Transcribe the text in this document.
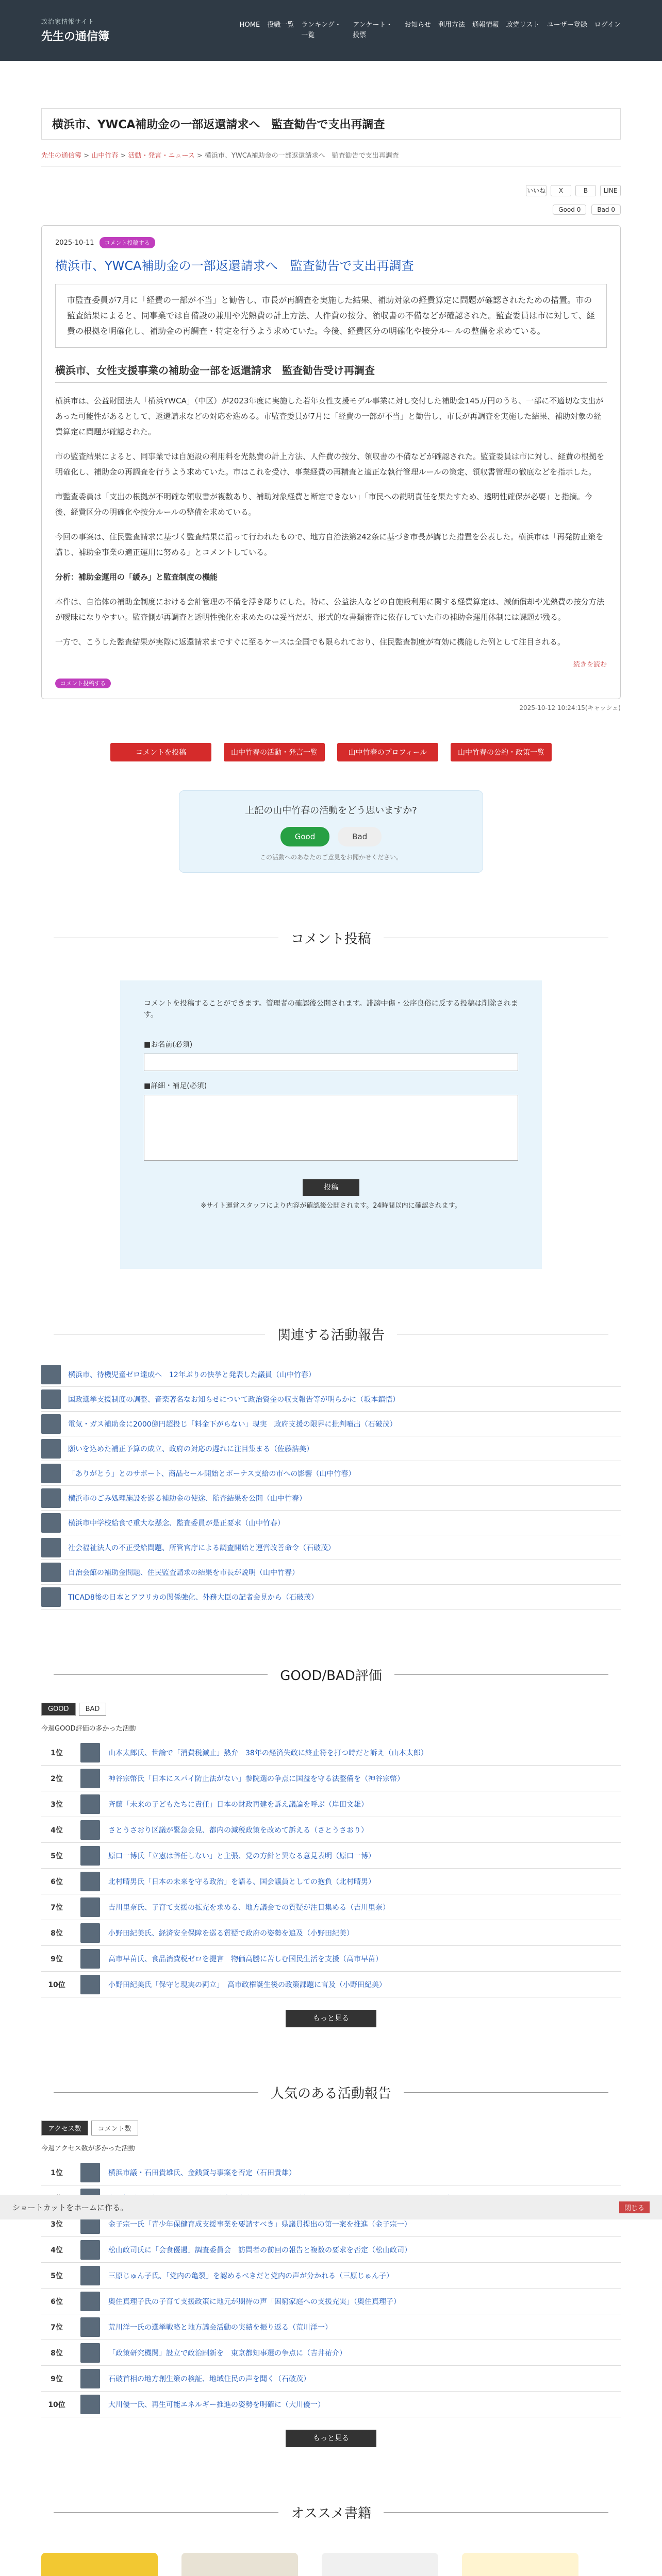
政治家情報サイト
先生の通信簿
HOME 役職一覧 ランキング・一覧
アンケート・投票
お知らせ 利用方法 通報情報 政党リスト ユーザー登録 ログイン
横浜市、YWCA補助金の一部返還請求へ　監査勧告で支出再調査
先生の通信簿 > 山中竹春 > 活動・発言・ニュース > 横浜市、YWCA補助金の一部返還請求へ　監査勧告で支出再調査
いいね	X	B	LINE
Good 0	Bad 0
2025-10-11	コメント投稿する
横浜市、YWCA補助金の一部返還請求へ　監査勧告で支出再調査
市監査委員が7月に「経費の一部が不当」と勧告し、市長が再調査を実施した結果、補助対象の経費算定に問題が確認されたための措置。市の監査結果によると、同事業では自備設の兼用や光熱費の計上方法、人件費の按分、領収書の不備などが確認された。監査委員は市に対して、経費の根拠を明確化し、補助金の再調査・特定を行うよう求めていた。今後、経費区分の明確化や按分ルールの整備を求めている。
横浜市、女性支援事業の補助金一部を返還請求　監査勧告受け再調査

横浜市は、公益財団法人「横浜YWCA」（中区）が2023年度に実施した若年女性支援モデル事業に対し交付した補助金145万円のうち、一部に不適切な支出があった可能性があるとして、返還請求などの対応を進める。市監査委員が7月に「経費の一部が不当」と勧告し、市長が再調査を実施した結果、補助対象の経費算定に問題が確認された。

市の監査結果によると、同事業では自施設の利用料を光熱費の計上方法、人件費の按分、領収書の不備などが確認された。監査委員は市に対し、経費の根拠を明確化し、補助金の再調査を行うよう求めていた。市はこれを受け、事業経費の再精査と適正な執行管理ルールの策定、領収書管理の徹底などを指示した。

市監査委員は「支出の根拠が不明確な領収書が複数あり、補助対象経費と断定できない」「市民への説明責任を果たすため、透明性確保が必要」と指摘。今後、経費区分の明確化や按分ルールの整備を求めている。

今回の事案は、住民監査請求に基づく監査結果に沿って行われたもので、地方自治法第242条に基づき市長が講じた措置を公表した。横浜市は「再発防止策を講じ、補助金事業の適正運用に努める」とコメントしている。

分析：補助金運用の「緩み」と監査制度の機能

本件は、自治体の補助金制度における会計管理の不備を浮き彫りにした。特に、公益法人などの自施設利用に関する経費算定は、減価償却や光熱費の按分方法が曖昧になりやすい。監査側が再調査と透明性強化を求めたのは妥当だが、形式的な書類審査に依存していた市の補助金運用体制には課題が残る。

一方で、こうした監査結果が実際に返還請求まですぐに至るケースは全国でも限られており、住民監査制度が有効に機能した例として注目される。

続きを読む
コメント投稿する
2025-10-12 10:24:15(キャッシュ)
コメントを投稿	山中竹春の活動・発言一覧	山中竹春のプロフィール	山中竹春の公約・政策一覧
上記の山中竹春の活動をどう思いますか?
Good	Bad
この活動へのあなたのご意見をお聞かせください。
コメント投稿
コメントを投稿することができます。管理者の確認後公開されます。誹謗中傷・公序良俗に反する投稿は削除されます。
■お名前(必須)
■詳細・補足(必須)
投稿
※サイト運営スタッフにより内容が確認後公開されます。24時間以内に確認されます。
関連する活動報告
横浜市、待機児童ゼロ達成へ　12年ぶりの快挙と発表した議員（山中竹春）
国政選挙支援制度の調整、音楽著名なお知らせについて政治資金の収支報告等が明らかに（坂本鎮悟）
電気・ガス補助金に2000億円超投じ「料金下がらない」現実　政府支援の限界に批判噴出（石破茂）
願いを込めた補正予算の成立、政府の対応の遅れに注目集まる（佐藤浩美）
「ありがとう」とのサポート、商品セール開始とボーナス支給の市への影響（山中竹春）
横浜市のごみ処理施設を巡る補助金の使途、監査結果を公開（山中竹春）
横浜市中学校給食で重大な懸念、監査委員が是正要求（山中竹春）
社会福祉法人の不正受給問題、所管官庁による調査開始と運営改善命令（石破茂）
自治会館の補助金問題、住民監査請求の結果を市長が説明（山中竹春）
TICAD8後の日本とアフリカの関係強化、外務大臣の記者会見から（石破茂）
GOOD/BAD評価
GOOD	BAD
今週GOOD評価の多かった活動
1位	山本太郎氏、世論で「消費税減止」熱弁　38年の経済失政に終止符を打つ時だと訴え（山本太郎）
2位	神谷宗幣氏「日本にスパイ防止法がない」参院選の争点に国益を守る法整備を（神谷宗幣）
3位	斉藤「未来の子どもたちに責任」日本の財政再建を訴え議論を呼ぶ（岸田文雄）
4位	さとうさおり区議が緊急会見、都内の減税政策を改めて訴える（さとうさおり）
5位	原口一博氏「立憲は辞任しない」と主張、党の方針と異なる意見表明（原口一博）
6位	北村晴男氏「日本の未来を守る政治」を語る、国会議員としての抱負（北村晴男）
7位	吉川里奈氏、子育て支援の拡充を求める、地方議会での質疑が注目集める（吉川里奈）
8位	小野田紀美氏、経済安全保障を巡る質疑で政府の姿勢を追及（小野田紀美）
9位	高市早苗氏、食品消費税ゼロを提言　物価高騰に苦しむ国民生活を支援（高市早苗）
10位	小野田紀美氏「保守と現実の両立」　高市政権誕生後の政策課題に言及（小野田紀美）
ショートカットをホームに作る。	閉じる
もっと見る
人気のある活動報告
アクセス数	コメント数
今週アクセス数が多かった活動
1位	横浜市議・石田貴雄氏、金銭貸与事案を否定（石田貴雄）
3位	金子宗一氏「青少年保健育成支援事業を要請すべき」県議員提出の第一案を推進（金子宗一）
4位	松山政司氏に「会食優遇」調査委員会　訪問者の前回の報告と複数の要求を否定（松山政司）
5位	三原じゅん子氏、「党内の亀裂」を認めるべきだと党内の声が分かれる（三原じゅん子）
6位	奥住真理子氏の子育て支援政策に地元が期待の声「困窮家庭への支援充実」（奥住真理子）
7位	荒川洋一氏の選挙戦略と地方議会活動の実績を振り返る（荒川洋一）
8位	「政策研究機関」設立で政治刷新を　東京都知事選の争点に（吉井祐介）
9位	石破首相の地方創生策の検証、地域住民の声を聞く（石破茂）
10位	大川優一氏、再生可能エネルギー推進の姿勢を明確に（大川優一）
もっと見る
オススメ書籍
